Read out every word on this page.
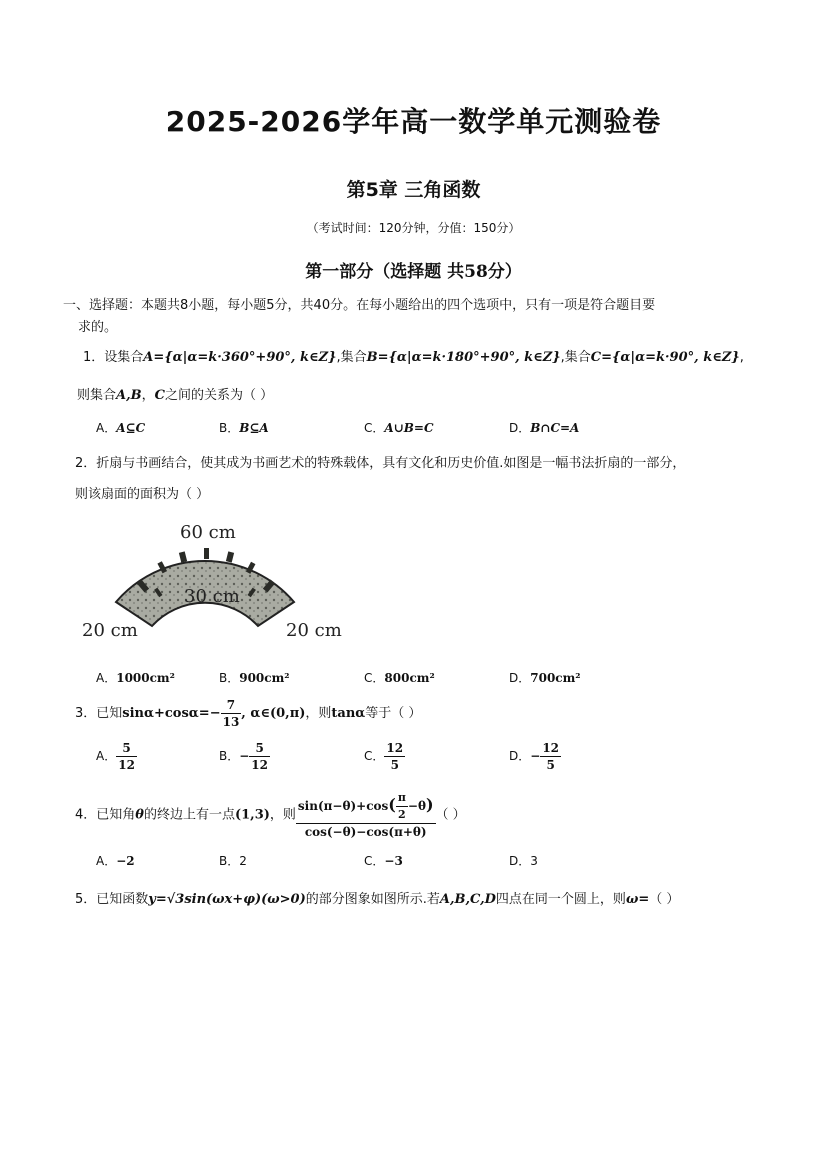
2025-2026学年高一数学单元测验卷
第5章 三角函数
（考试时间：120分钟，分值：150分）
第一部分（选择题 共58分）
一、选择题：本题共8小题，每小题5分，共40分。在每小题给出的四个选项中，只有一项是符合题目要
求的。
1．设集合A={α|α=k·360°+90°, k∈Z},集合B={α|α=k·180°+90°, k∈Z},集合C={α|α=k·90°, k∈Z},
则集合A,B，C之间的关系为（ ）
A．A⊆C	B．B⊆A	C．A∪B=C	D．B∩C=A
2．折扇与书画结合，使其成为书画艺术的特殊载体，具有文化和历史价值.如图是一幅书法折扇的一部分，
则该扇面的面积为（ ）
60 cm
30 cm
20 cm	20 cm
A．1000cm²	B．900cm²	C．800cm²	D．700cm²
3．已知$\sin\alpha+\cos\alpha=- \frac{7}{13}$ , α∈(0,π)，则tanα等于（ ）
A． $\frac{5}{12}$	B．− $\frac{5}{12}$	C． $\frac{12}{5}$	D．− $\frac{12}{5}$
4．已知角θ的终边上有一点(1,3)，则 $\frac{\sin(\pi-\theta)+\cos( \frac{\pi}{2} -\theta)}{\cos(-\theta)-\cos(\pi+\theta)}$ （ ）
A．−2	B．2	C．−3	D．3
5．已知函数y=√3sin(ωx+φ)(ω>0)的部分图象如图所示.若A,B,C,D四点在同一个圆上，则ω=（ ）
